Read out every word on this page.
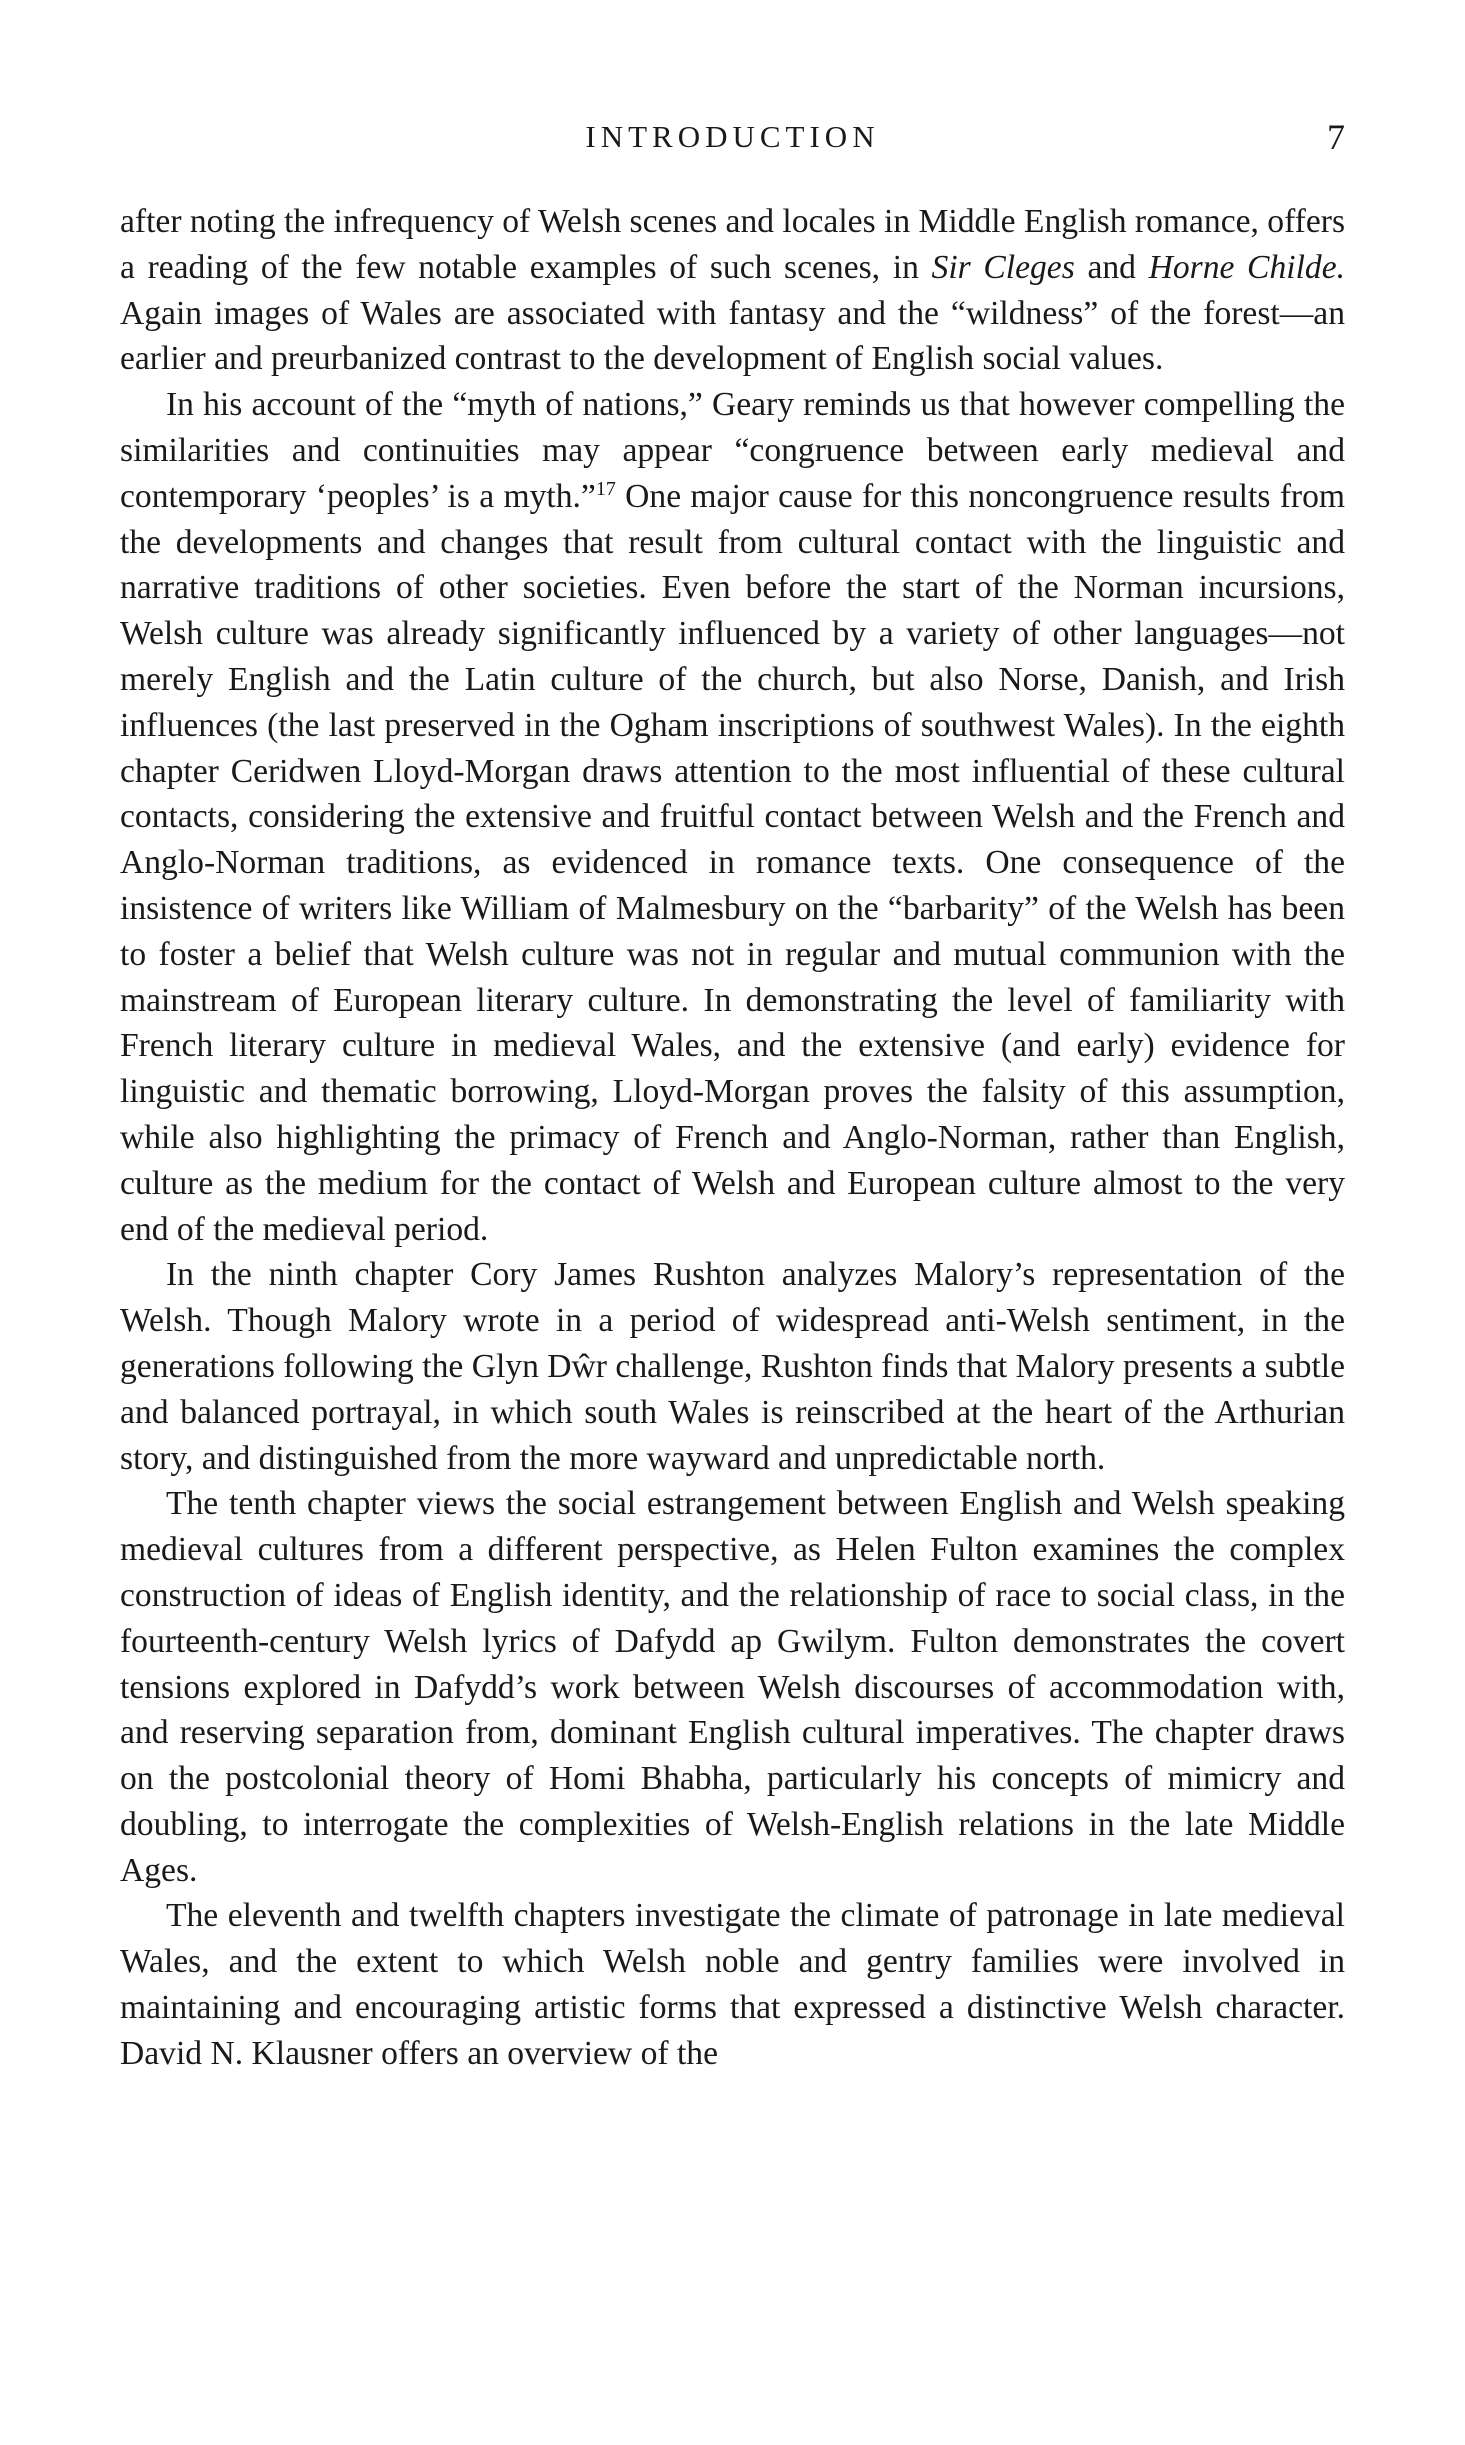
INTRODUCTION	7

after noting the infrequency of Welsh scenes and locales in Middle English romance, offers a reading of the few notable examples of such scenes, in Sir Cleges and Horne Childe. Again images of Wales are associated with fantasy and the “wildness” of the forest—an earlier and preurbanized contrast to the development of English social values.

In his account of the “myth of nations,” Geary reminds us that however compelling the similarities and continuities may appear “congruence between early medieval and contemporary ‘peoples’ is a myth.”$^{17}$ One major cause for this noncongruence results from the developments and changes that result from cultural contact with the linguistic and narrative traditions of other societies. Even before the start of the Norman incursions, Welsh culture was already significantly influenced by a variety of other languages—not merely English and the Latin culture of the church, but also Norse, Danish, and Irish influences (the last preserved in the Ogham inscriptions of southwest Wales). In the eighth chapter Ceridwen Lloyd-Morgan draws attention to the most influential of these cultural contacts, considering the extensive and fruitful contact between Welsh and the French and Anglo-Norman traditions, as evidenced in romance texts. One consequence of the insistence of writers like William of Malmesbury on the “barbarity” of the Welsh has been to foster a belief that Welsh culture was not in regular and mutual communion with the mainstream of European literary culture. In demonstrating the level of familiarity with French literary culture in medieval Wales, and the extensive (and early) evidence for linguistic and thematic borrowing, Lloyd-Morgan proves the falsity of this assumption, while also highlighting the primacy of French and Anglo-Norman, rather than English, culture as the medium for the contact of Welsh and European culture almost to the very end of the medieval period.

In the ninth chapter Cory James Rushton analyzes Malory’s representation of the Welsh. Though Malory wrote in a period of widespread anti-Welsh sentiment, in the generations following the Glyn Dŵr challenge, Rushton finds that Malory presents a subtle and balanced portrayal, in which south Wales is reinscribed at the heart of the Arthurian story, and distinguished from the more wayward and unpredictable north.

The tenth chapter views the social estrangement between English and Welsh speaking medieval cultures from a different perspective, as Helen Fulton examines the complex construction of ideas of English identity, and the relationship of race to social class, in the fourteenth-century Welsh lyrics of Dafydd ap Gwilym. Fulton demonstrates the covert tensions explored in Dafydd’s work between Welsh discourses of accommodation with, and reserving separation from, dominant English cultural imperatives. The chapter draws on the postcolonial theory of Homi Bhabha, particularly his concepts of mimicry and doubling, to interrogate the complexities of Welsh-English relations in the late Middle Ages.

The eleventh and twelfth chapters investigate the climate of patronage in late medieval Wales, and the extent to which Welsh noble and gentry families were involved in maintaining and encouraging artistic forms that expressed a distinctive Welsh character. David N. Klausner offers an overview of the
